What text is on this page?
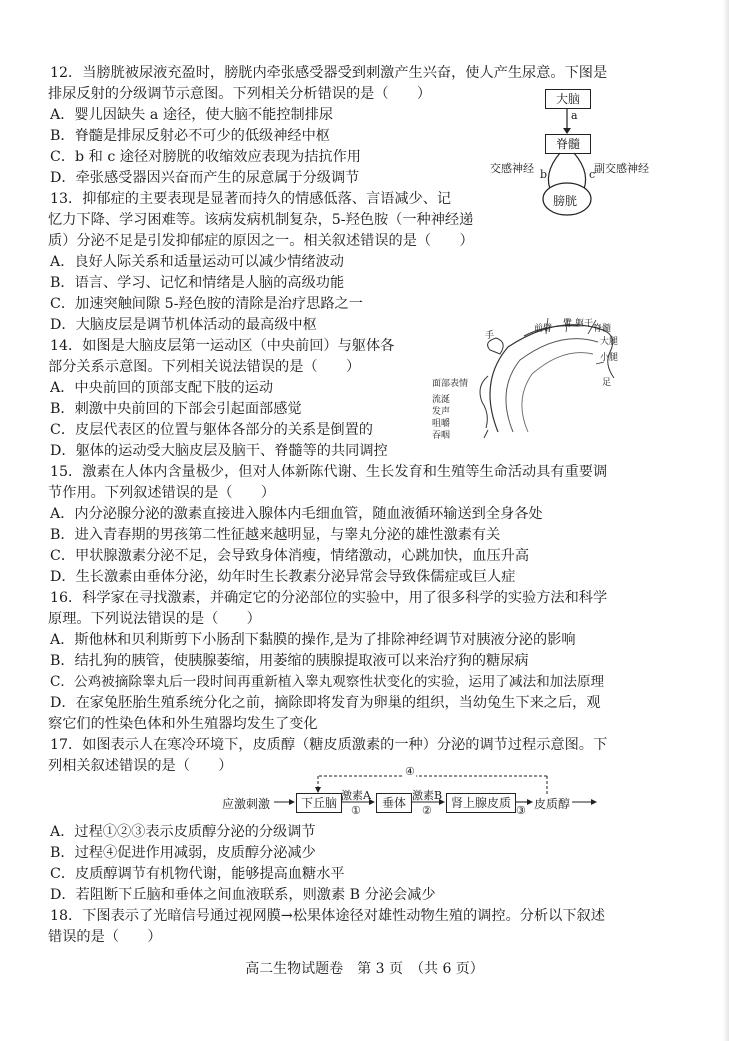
12．当膀胱被尿液充盈时，膀胱内牵张感受器受到刺激产生兴奋，使人产生尿意。下图是
排尿反射的分级调节示意图。下列相关分析错误的是（　　）
A．婴儿因缺失 a 途径，使大脑不能控制排尿
B．脊髓是排尿反射必不可少的低级神经中枢
C．b 和 c 途径对膀胱的收缩效应表现为拮抗作用
D．牵张感受器因兴奋而产生的尿意属于分级调节
大脑
a
脊髓
交感神经	副交感神经
b	c
膀胱
13．抑郁症的主要表现是显著而持久的情感低落、言语减少、记
忆力下降、学习困难等。该病发病机制复杂，5-羟色胺（一种神经递
质）分泌不足是引发抑郁症的原因之一。相关叙述错误的是（　　）
A．良好人际关系和适量运动可以减少情绪波动
B．语言、学习、记忆和情绪是人脑的高级功能
C．加速突触间隙 5-羟色胺的清除是治疗思路之一
D．大脑皮层是调节机体活动的最高级中枢
14．如图是大脑皮层第一运动区（中央前回）与躯体各
部分关系示意图。下列相关说法错误的是（　　）
A．中央前回的顶部支配下肢的运动
B．刺激中央前回的下部会引起面部感觉
C．皮层代表区的位置与躯体各部分的关系是倒置的
D．躯体的运动受大脑皮层及脑干、脊髓等的共同调控
手
前臂 臂 躯干 脊髓
大腿
小腿
足
面部表情
流涎
发声
咀嚼
吞咽
15．激素在人体内含量极少，但对人体新陈代谢、生长发育和生殖等生命活动具有重要调
节作用。下列叙述错误的是（　　）
A．内分泌腺分泌的激素直接进入腺体内毛细血管，随血液循环输送到全身各处
B．进入青春期的男孩第二性征越来越明显，与睾丸分泌的雄性激素有关
C．甲状腺激素分泌不足，会导致身体消瘦，情绪激动，心跳加快，血压升高
D．生长激素由垂体分泌，幼年时生长教素分泌异常会导致侏儒症或巨人症
16．科学家在寻找激素，并确定它的分泌部位的实验中，用了很多科学的实验方法和科学
原理。下列说法错误的是（　　）
A．斯他林和贝利斯剪下小肠刮下黏膜的操作,是为了排除神经调节对胰液分泌的影响
B．结扎狗的胰管，使胰腺萎缩，用萎缩的胰腺提取液可以来治疗狗的糖尿病
C．公鸡被摘除睾丸后一段时间再重新植入睾丸观察性状变化的实验，运用了减法和加法原理
D．在家兔胚胎生殖系统分化之前，摘除即将发育为卵巢的组织，当幼兔生下来之后，观
察它们的性染色体和外生殖器均发生了变化
17．如图表示人在寒冷环境下，皮质醇（糖皮质激素的一种）分泌的调节过程示意图。下
列相关叙述错误的是（　　）
应激刺激	下丘脑
激素A
①
垂体
激素B
②
肾上腺皮质
③ 皮质醇
④
A．过程①②③表示皮质醇分泌的分级调节
B．过程④促进作用减弱，皮质醇分泌减少
C．皮质醇调节有机物代谢，能够提高血糖水平
D．若阻断下丘脑和垂体之间血液联系，则激素 B 分泌会减少
18．下图表示了光暗信号通过视网膜→松果体途径对雄性动物生殖的调控。分析以下叙述
错误的是（　　）
高二生物试题卷　第 3 页　（共 6 页）
